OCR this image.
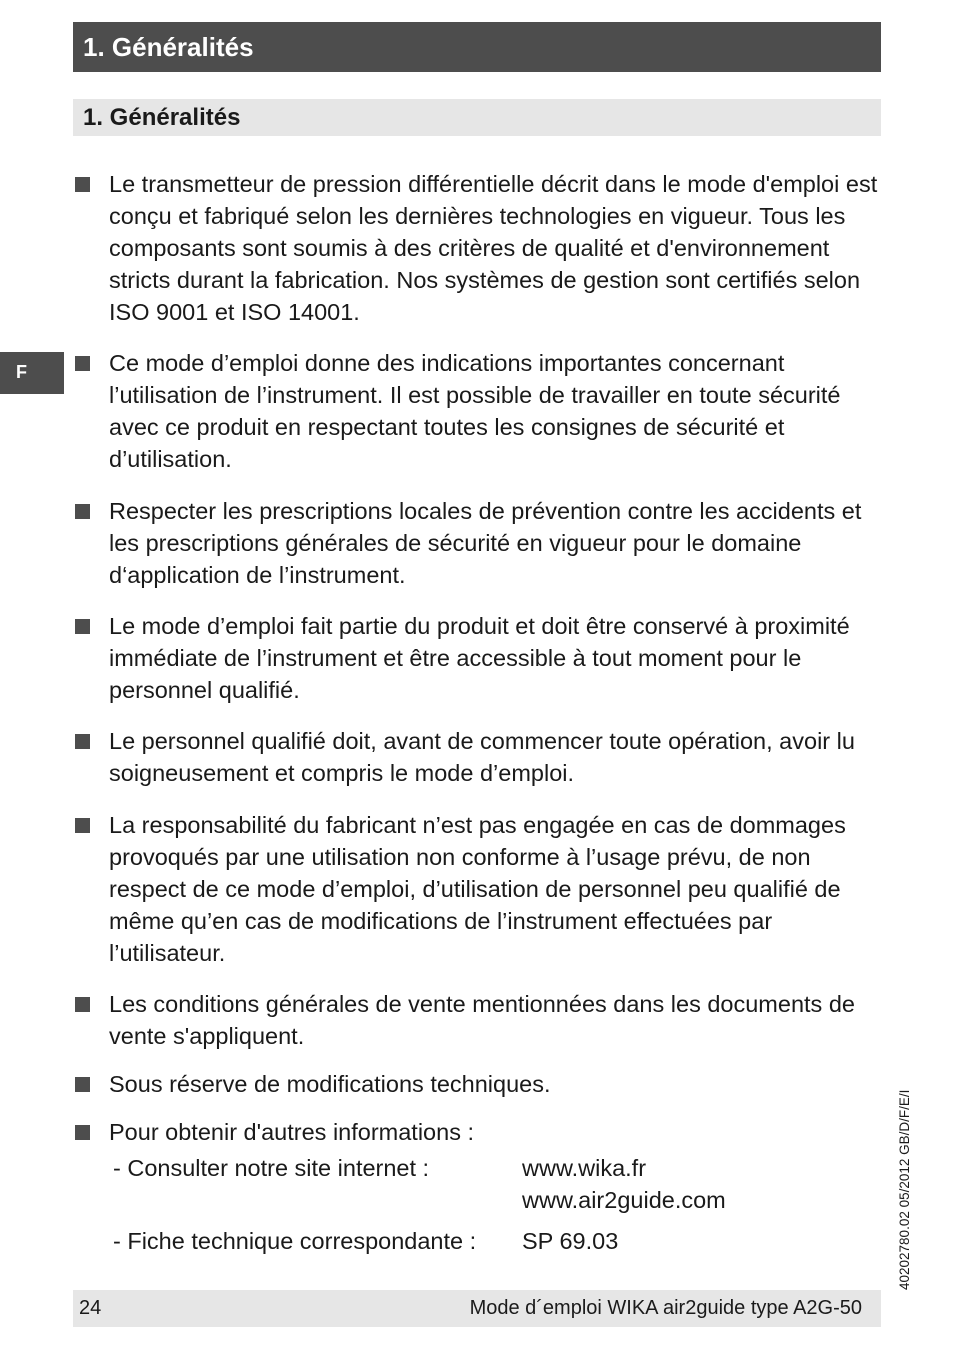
1. Généralités
1. Généralités
F
Le transmetteur de pression différentielle décrit dans le mode d'emploi est conçu et fabriqué selon les dernières technologies en vigueur. Tous les composants sont soumis à des critères de qualité et d'environnement stricts durant la fabrication. Nos systèmes de gestion sont certifiés selon ISO 9001 et ISO 14001.
Ce mode d’emploi donne des indications importantes concernant l’utilisation de l’instrument. Il est possible de travailler en toute sécurité avec ce produit en respectant toutes les consignes de sécurité et d’utilisation.
Respecter les prescriptions locales de prévention contre les accidents et les prescriptions générales de sécurité en vigueur pour le domaine d‘application de l’instrument.
Le mode d’emploi fait partie du produit et doit être conservé à proximité immédiate de l’instrument et être accessible à tout moment pour le personnel qualifié.
Le personnel qualifié doit, avant de commencer toute opération, avoir lu soigneusement et compris le mode d’emploi.
La responsabilité du fabricant n’est pas engagée en cas de dommages provoqués par une utilisation non conforme à l’usage prévu, de non respect de ce mode d’emploi, d’utilisation de personnel peu qualifié de même qu’en cas de modifications de l’instrument effectuées par l’utilisateur.
Les conditions générales de vente mentionnées dans les documents de vente s'appliquent.
Sous réserve de modifications techniques.
Pour obtenir d'autres informations :
- Consulter notre site internet :	www.wika.fr
www.air2guide.com
- Fiche technique correspondante : SP 69.03	40202780.02 05/2012 GB/D/F/E/I
24	Mode d´emploi WIKA air2guide type A2G-50
